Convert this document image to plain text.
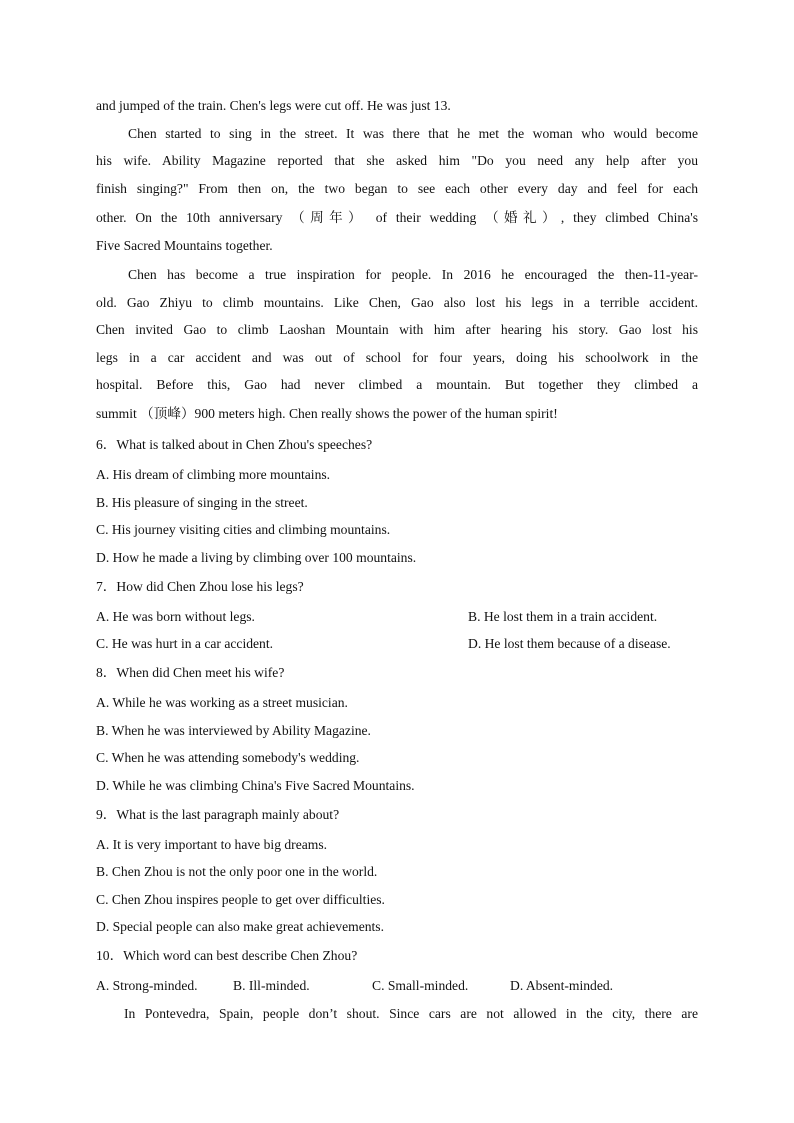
and jumped of the train. Chen's legs were cut off. He was just 13.
Chen started to sing in the street. It was there that he met the woman who would become
his wife. Ability Magazine reported that she asked him "Do you need any help after you
finish singing?" From then on, the two began to see each other every day and feel for each
other. On the 10th anniversary （周年） of their wedding （婚礼）, they climbed China's
Five Sacred Mountains together.
Chen has become a true inspiration for people. In 2016 he encouraged the then-11-year-
old. Gao Zhiyu to climb mountains. Like Chen, Gao also lost his legs in a terrible accident.
Chen invited Gao to climb Laoshan Mountain with him after hearing his story. Gao lost his
legs in a car accident and was out of school for four years, doing his schoolwork in the
hospital. Before this, Gao had never climbed a mountain. But together they climbed a
summit （顶峰）900 meters high. Chen really shows the power of the human spirit!
6．What is talked about in Chen Zhou's speeches?
A. His dream of climbing more mountains.
B. His pleasure of singing in the street.
C. His journey visiting cities and climbing mountains.
D. How he made a living by climbing over 100 mountains.
7．How did Chen Zhou lose his legs?
A. He was born without legs.	B. He lost them in a train accident.
C. He was hurt in a car accident.	D. He lost them because of a disease.
8．When did Chen meet his wife?
A. While he was working as a street musician.
B. When he was interviewed by Ability Magazine.
C. When he was attending somebody's wedding.
D. While he was climbing China's Five Sacred Mountains.
9．What is the last paragraph mainly about?
A. It is very important to have big dreams.
B. Chen Zhou is not the only poor one in the world.
C. Chen Zhou inspires people to get over difficulties.
D. Special people can also make great achievements.
10．Which word can best describe Chen Zhou?
A. Strong-minded.	B. Ill-minded.	C. Small-minded.	D. Absent-minded.
In Pontevedra, Spain, people don’t shout. Since cars are not allowed in the city, there are
